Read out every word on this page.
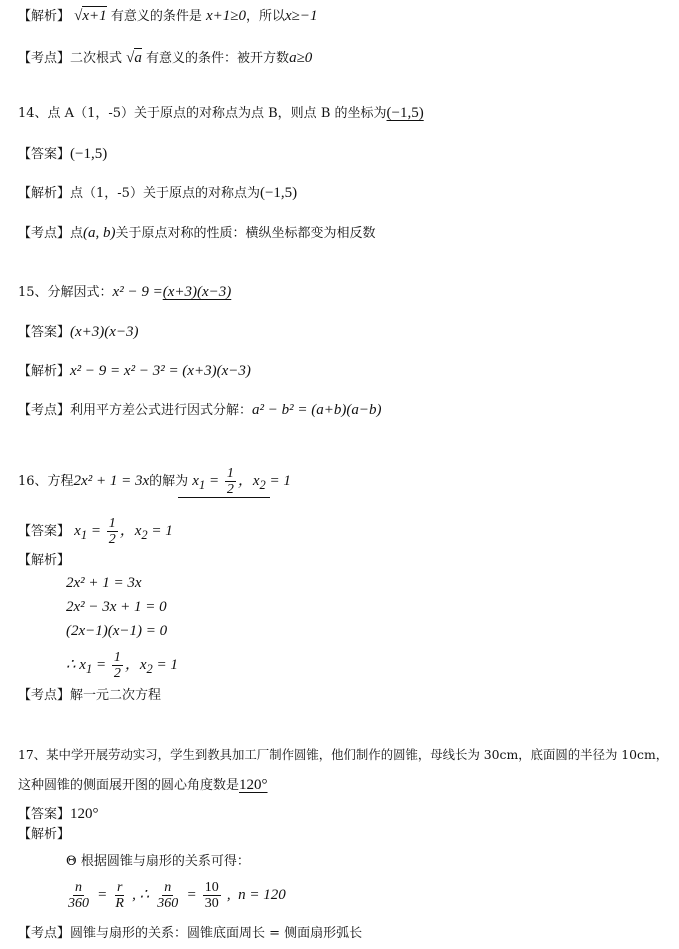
【解析】 √x+1 有意义的条件是 x+1≥0，所以x≥−1
【考点】二次根式 √a 有意义的条件：被开方数a≥0
14、点 A（1，-5）关于原点的对称点为点 B，则点 B 的坐标为(−1,5)
【答案】(−1,5)
【解析】点（1，-5）关于原点的对称点为(−1,5)
【考点】点(a, b)关于原点对称的性质：横纵坐标都变为相反数
15、分解因式：x² − 9 =(x+3)(x−3)
【答案】(x+3)(x−3)
【解析】x² − 9 = x² − 3² = (x+3)(x−3)
【考点】利用平方差公式进行因式分解：a² − b² = (a+b)(a−b)
16、方程2x² + 1 = 3x的解为 $x_1 = \frac{1}{2}$ ，$x_2 = 1$
【答案】 $x_1 = \frac{1}{2}$ ，$x_2 = 1$
【解析】
2x² + 1 = 3x
2x² − 3x + 1 = 0
(2x−1)(x−1) = 0
∴ $x_1 = \frac{1}{2}$ ，$x_2 = 1$
【考点】解一元二次方程
17、某中学开展劳动实习，学生到教具加工厂制作圆锥，他们制作的圆锥，母线长为 30cm，底面圆的半径为 10cm，
这种圆锥的侧面展开图的圆心角度数是120°
【答案】120°
【解析】
Θ 根据圆锥与扇形的关系可得：
$\frac{n}{360} = \frac{r}{R}$ , ∴ $\frac{n}{360} = \frac{10}{30}$ ,  n = 120
【考点】圆锥与扇形的关系：圆锥底面周长 = 侧面扇形弧长
